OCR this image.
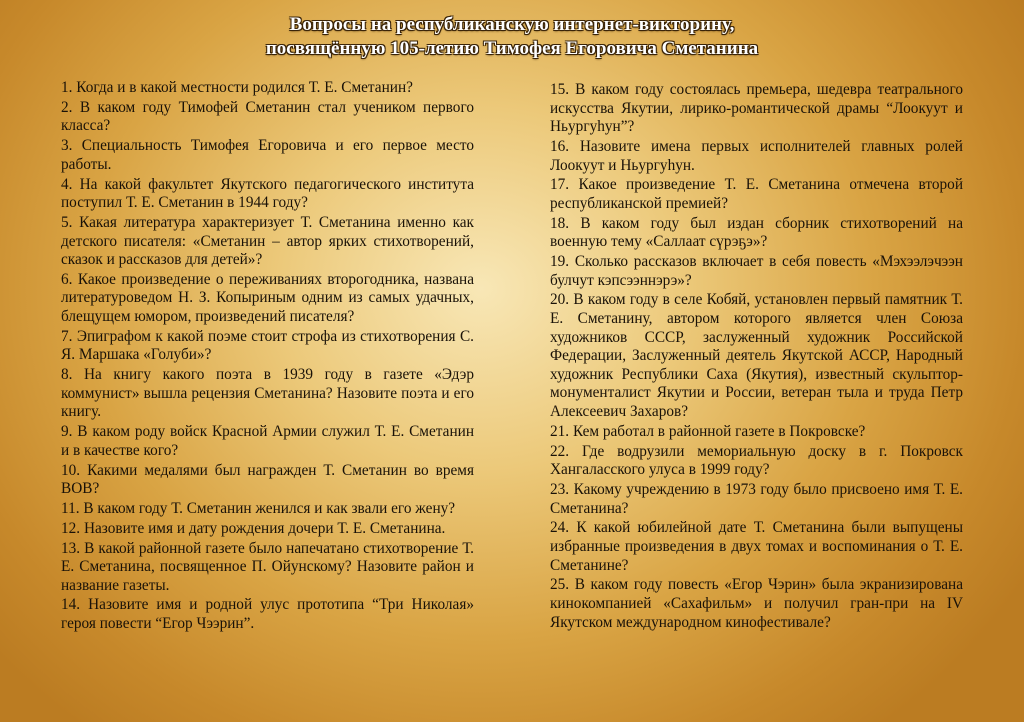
Вопросы на республиканскую интернет-викторину,
посвящённую 105-летию Тимофея Егоровича Сметанина

1. Когда и в какой местности родился Т. Е. Сметанин?

2. В каком году Тимофей Сметанин стал учеником первого класса?

3. Специальность Тимофея Егоровича и его первое место работы.

4. На какой факультет Якутского педагогического института поступил Т. Е. Сметанин в 1944 году?

5. Какая литература характеризует Т. Сметанина именно как детского писателя: «Сметанин – автор ярких стихотворений, сказок и рассказов для детей»?

6. Какое произведение о переживаниях второгодника, названа литературоведом Н. З. Копыриным одним из самых удачных, блещущем юмором, произведений писателя?

7. Эпиграфом к какой поэме стоит строфа из стихотворения С. Я. Маршака «Голуби»?

8. На книгу какого поэта в 1939 году в газете «Эдэр коммунист» вышла рецензия Сметанина? Назовите поэта и его книгу.

9. В каком роду войск Красной Армии служил Т. Е. Сметанин и в качестве кого?

10. Какими медалями был награжден Т. Сметанин во время ВОВ?

11. В каком году Т. Сметанин женился и как звали его жену?

12. Назовите имя и дату рождения дочери Т. Е. Сметанина.

13. В какой районной газете было напечатано стихотворение Т. Е. Сметанина, посвященное П. Ойунскому? Назовите район и название газеты.

14. Назовите имя и родной улус прототипа “Три Николая» героя повести “Егор Чээрин”.

15. В каком году состоялась премьера, шедевра театрального искусства Якутии, лирико-романтической драмы “Лоокуут и Ньургуһун”?

16. Назовите имена первых исполнителей главных ролей Лоокуут и Ньургуһун.

17. Какое произведение Т. Е. Сметанина отмечена второй республиканской премией?

18. В каком году был издан сборник стихотворений на военную тему «Саллаат сүрэҕэ»?

19. Сколько рассказов включает в себя повесть «Мэхээлэчээн булчут кэпсээннэрэ»?

20. В каком году в селе Кобяй, установлен первый памятник Т. Е. Сметанину, автором которого является член Союза художников СССР, заслуженный художник Российской Федерации, Заслуженный деятель Якутской АССР, Народный художник Республики Саха (Якутия), известный скульптор-монументалист Якутии и России, ветеран тыла и труда Петр Алексеевич Захаров?

21. Кем работал в районной газете в Покровске?

22. Где водрузили мемориальную доску в г. Покровск Хангаласского улуса в 1999 году?

23. Какому учреждению в 1973 году было присвоено имя Т. Е. Сметанина?

24. К какой юбилейной дате Т. Сметанина были выпущены избранные произведения в двух томах и воспоминания о Т. Е. Сметанине?

25. В каком году повесть «Егор Чэрин» была экранизирована кинокомпанией «Сахафильм» и получил гран-при на IV Якутском международном кинофестивале?
